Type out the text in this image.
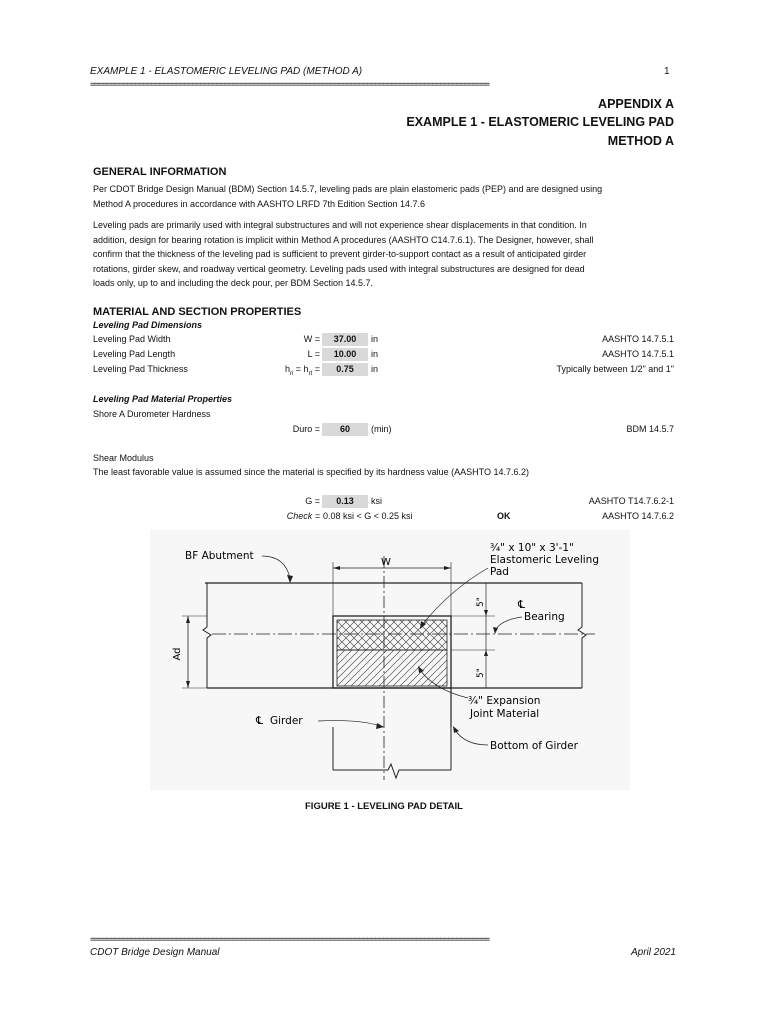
EXAMPLE 1 - ELASTOMERIC LEVELING PAD (METHOD A)	1
==================================================================================================
APPENDIX A
EXAMPLE 1 - ELASTOMERIC LEVELING PAD
METHOD A
GENERAL INFORMATION
Per CDOT Bridge Design Manual (BDM) Section 14.5.7, leveling pads are plain elastomeric pads (PEP) and are designed using
Method A procedures in accordance with AASHTO LRFD 7th Edition Section 14.7.6
Leveling pads are primarily used with integral substructures and will not experience shear displacements in that condition. In
addition, design for bearing rotation is implicit within Method A procedures (AASHTO C14.7.6.1). The Designer, however, shall
confirm that the thickness of the leveling pad is sufficient to prevent girder-to-support contact as a result of anticipated girder
rotations, girder skew, and roadway vertical geometry. Leveling pads used with integral substructures are designed for dead
loads only, up to and including the deck pour, per BDM Section 14.5.7.
MATERIAL AND SECTION PROPERTIES
Leveling Pad Dimensions
Leveling Pad Width	W =	37.00	in	AASHTO 14.7.5.1
Leveling Pad Length	L =	10.00	in	AASHTO 14.7.5.1
Leveling Pad Thickness	$h_{ri} = h_{rt}$ =	0.75	in	Typically between 1/2" and 1"
Leveling Pad Material Properties
Shore A Durometer Hardness
Duro =	60	(min)	BDM 14.5.7
Shear Modulus
The least favorable value is assumed since the material is specified by its hardness value (AASHTO 14.7.6.2)
G =	0.13	ksi	AASHTO T14.7.6.2-1
Check = 0.08 ksi < G < 0.25 ksi	OK	AASHTO 14.7.6.2
W
5"
5"
Ad
BF Abutment
¾" x 10" x 3'-1"
Elastomeric Leveling
Pad
℄
Bearing
¾" Expansion
Joint Material
℄ Girder
Bottom of Girder
FIGURE 1 - LEVELING PAD DETAIL
==================================================================================================
CDOT Bridge Design Manual	April 2021
